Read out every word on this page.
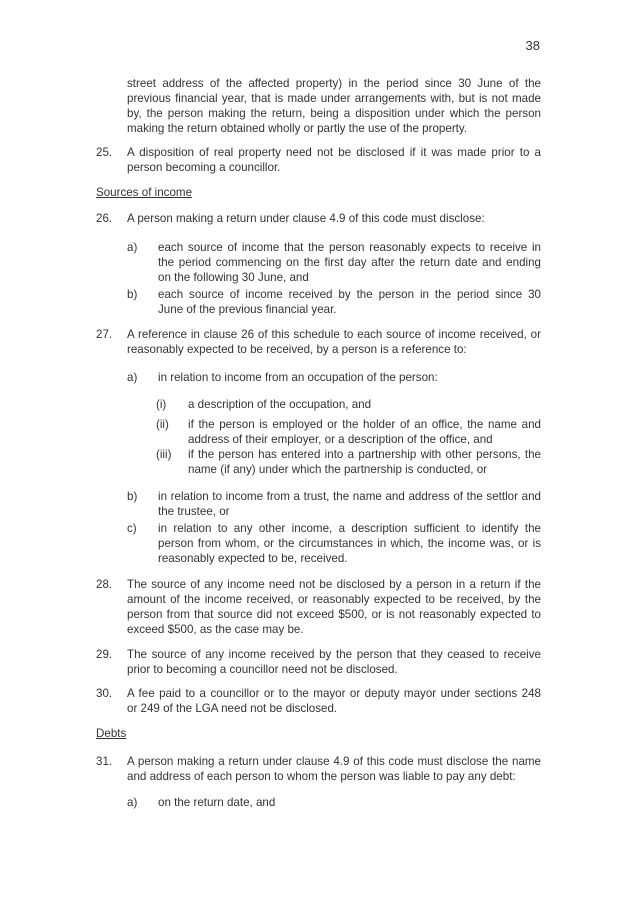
38
street address of the affected property) in the period since 30 June of the
previous financial year, that is made under arrangements with, but is not made
by, the person making the return, being a disposition under which the person
making the return obtained wholly or partly the use of the property.
25. A disposition of real property need not be disclosed if it was made prior to a
person becoming a councillor.
Sources of income
26. A person making a return under clause 4.9 of this code must disclose:
a) each source of income that the person reasonably expects to receive in
the period commencing on the first day after the return date and ending
on the following 30 June, and
b) each source of income received by the person in the period since 30
June of the previous financial year.
27. A reference in clause 26 of this schedule to each source of income received, or
reasonably expected to be received, by a person is a reference to:
a) in relation to income from an occupation of the person:
(i) a description of the occupation, and
(ii) if the person is employed or the holder of an office, the name and
address of their employer, or a description of the office, and
(iii) if the person has entered into a partnership with other persons, the
name (if any) under which the partnership is conducted, or
b) in relation to income from a trust, the name and address of the settlor and
the trustee, or
c) in relation to any other income, a description sufficient to identify the
person from whom, or the circumstances in which, the income was, or is
reasonably expected to be, received.
28. The source of any income need not be disclosed by a person in a return if the
amount of the income received, or reasonably expected to be received, by the
person from that source did not exceed $500, or is not reasonably expected to
exceed $500, as the case may be.
29. The source of any income received by the person that they ceased to receive
prior to becoming a councillor need not be disclosed.
30. A fee paid to a councillor or to the mayor or deputy mayor under sections 248
or 249 of the LGA need not be disclosed.
Debts
31. A person making a return under clause 4.9 of this code must disclose the name
and address of each person to whom the person was liable to pay any debt:
a) on the return date, and
